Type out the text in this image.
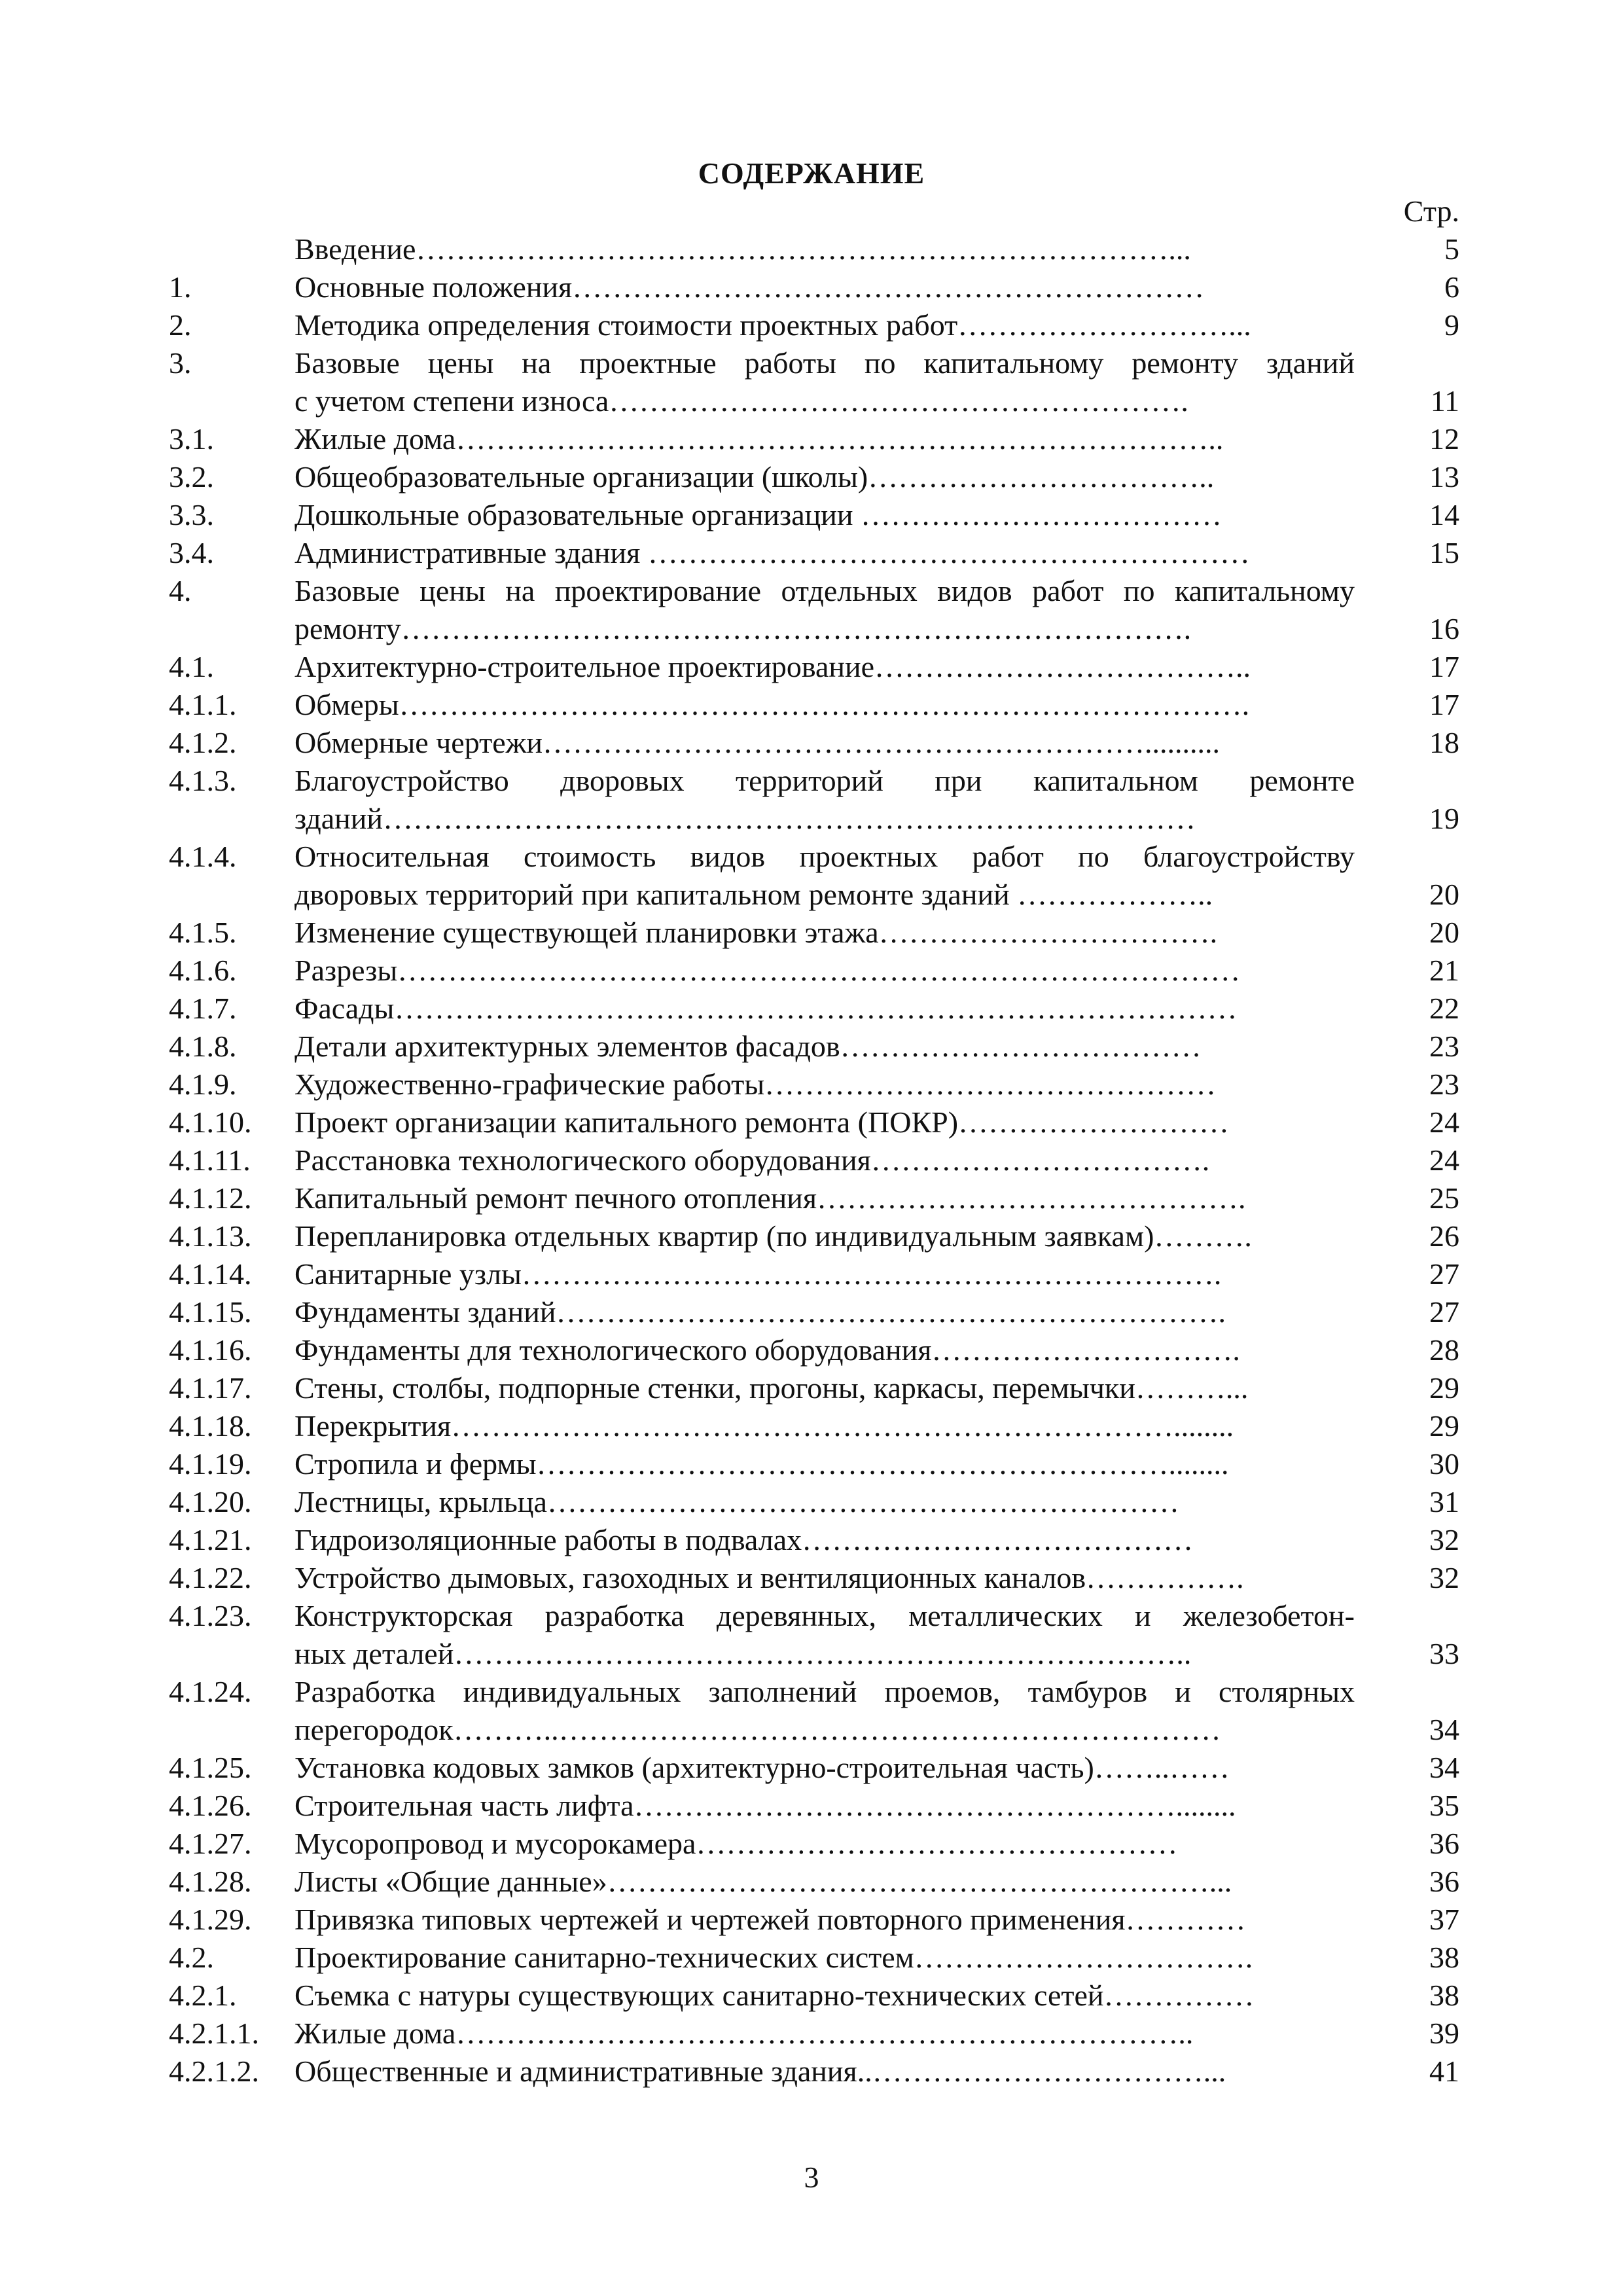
СОДЕРЖАНИЕ
Стр.
Введение…………………………………………………………………...	5
1.	Основные положения………………………………………………………	6
2.	Методика определения стоимости проектных работ………………………...	9
3.	Базовые цены на проектные работы по капитальному ремонту зданий
с учетом степени износа………………………………………………….	11
3.1.	Жилые дома…………………………………………………………………..	12
3.2.	Общеобразовательные организации (школы)……………………………..	13
3.3.	Дошкольные образовательные организации ………………………………	14
3.4.	Административные здания ……………………………………………………	15
4.	Базовые цены на проектирование отдельных видов работ по капитальному
ремонту…………………………………………………………………….	16
4.1.	Архитектурно-строительное проектирование………………………………..	17
4.1.1.	Обмеры………………………………………………………………………….	17
4.1.2.	Обмерные чертежи……………………………………………………..........	18
4.1.3.	Благоустройство дворовых территорий при капитальном ремонте
зданий………………………………………………………………………	19
4.1.4.	Относительная стоимость видов проектных работ по благоустройству
дворовых территорий при капитальном ремонте зданий ………………..	20
4.1.5.	Изменение существующей планировки этажа…………………………….	20
4.1.6.	Разрезы…………………………………………………………………………	21
4.1.7.	Фасады…………………………………………………………………………	22
4.1.8.	Детали архитектурных элементов фасадов………………………………	23
4.1.9.	Художественно-графические работы………………………………………	23
4.1.10.	Проект организации капитального ремонта (ПОКР)………………………	24
4.1.11.	Расстановка технологического оборудования…………………………….	24
4.1.12.	Капитальный ремонт печного отопления…………………………………….	25
4.1.13.	Перепланировка отдельных квартир (по индивидуальным заявкам)……….	26
4.1.14.	Санитарные узлы…………………………………………………………….	27
4.1.15.	Фундаменты зданий………………………………………………………….	27
4.1.16.	Фундаменты для технологического оборудования………………………….	28
4.1.17.	Стены, столбы, подпорные стенки, прогоны, каркасы, перемычки………...	29
4.1.18.	Перекрытия………………………………………………………………........	29
4.1.19.	Стропила и фермы………………………………………………………........	30
4.1.20.	Лестницы, крыльца………………………………………………………	31
4.1.21.	Гидроизоляционные работы в подвалах…………………………………	32
4.1.22.	Устройство дымовых, газоходных и вентиляционных каналов…………….	32
4.1.23.	Конструкторская разработка деревянных, металлических и железобетон-
ных деталей………………………………………………………………..	33
4.1.24.	Разработка индивидуальных заполнений проемов, тамбуров и столярных
перегородок………..…………………………………………………………	34
4.1.25.	Установка кодовых замков (архитектурно-строительная часть)……..……	34
4.1.26.	Строительная часть лифта………………………………………………........	35
4.1.27.	Мусоропровод и мусорокамера…………………………………………	36
4.1.28.	Листы «Общие данные»……………………………………………………...	36
4.1.29.	Привязка типовых чертежей и чертежей повторного применения…………	37
4.2.	Проектирование санитарно-технических систем…………………………….	38
4.2.1.	Съемка с натуры существующих санитарно-технических сетей……………	38
4.2.1.1.	Жилые дома………………………………………………………………..	39
4.2.1.2.	Общественные и административные здания..……………………………...	41
3
